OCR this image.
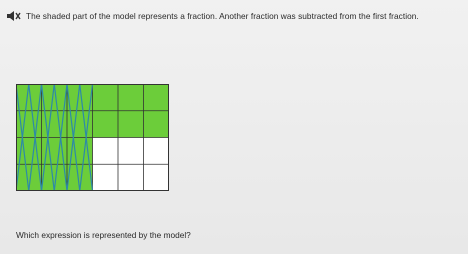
The shaded part of the model represents a fraction. Another fraction was subtracted from the first fraction.
Which expression is represented by the model?
